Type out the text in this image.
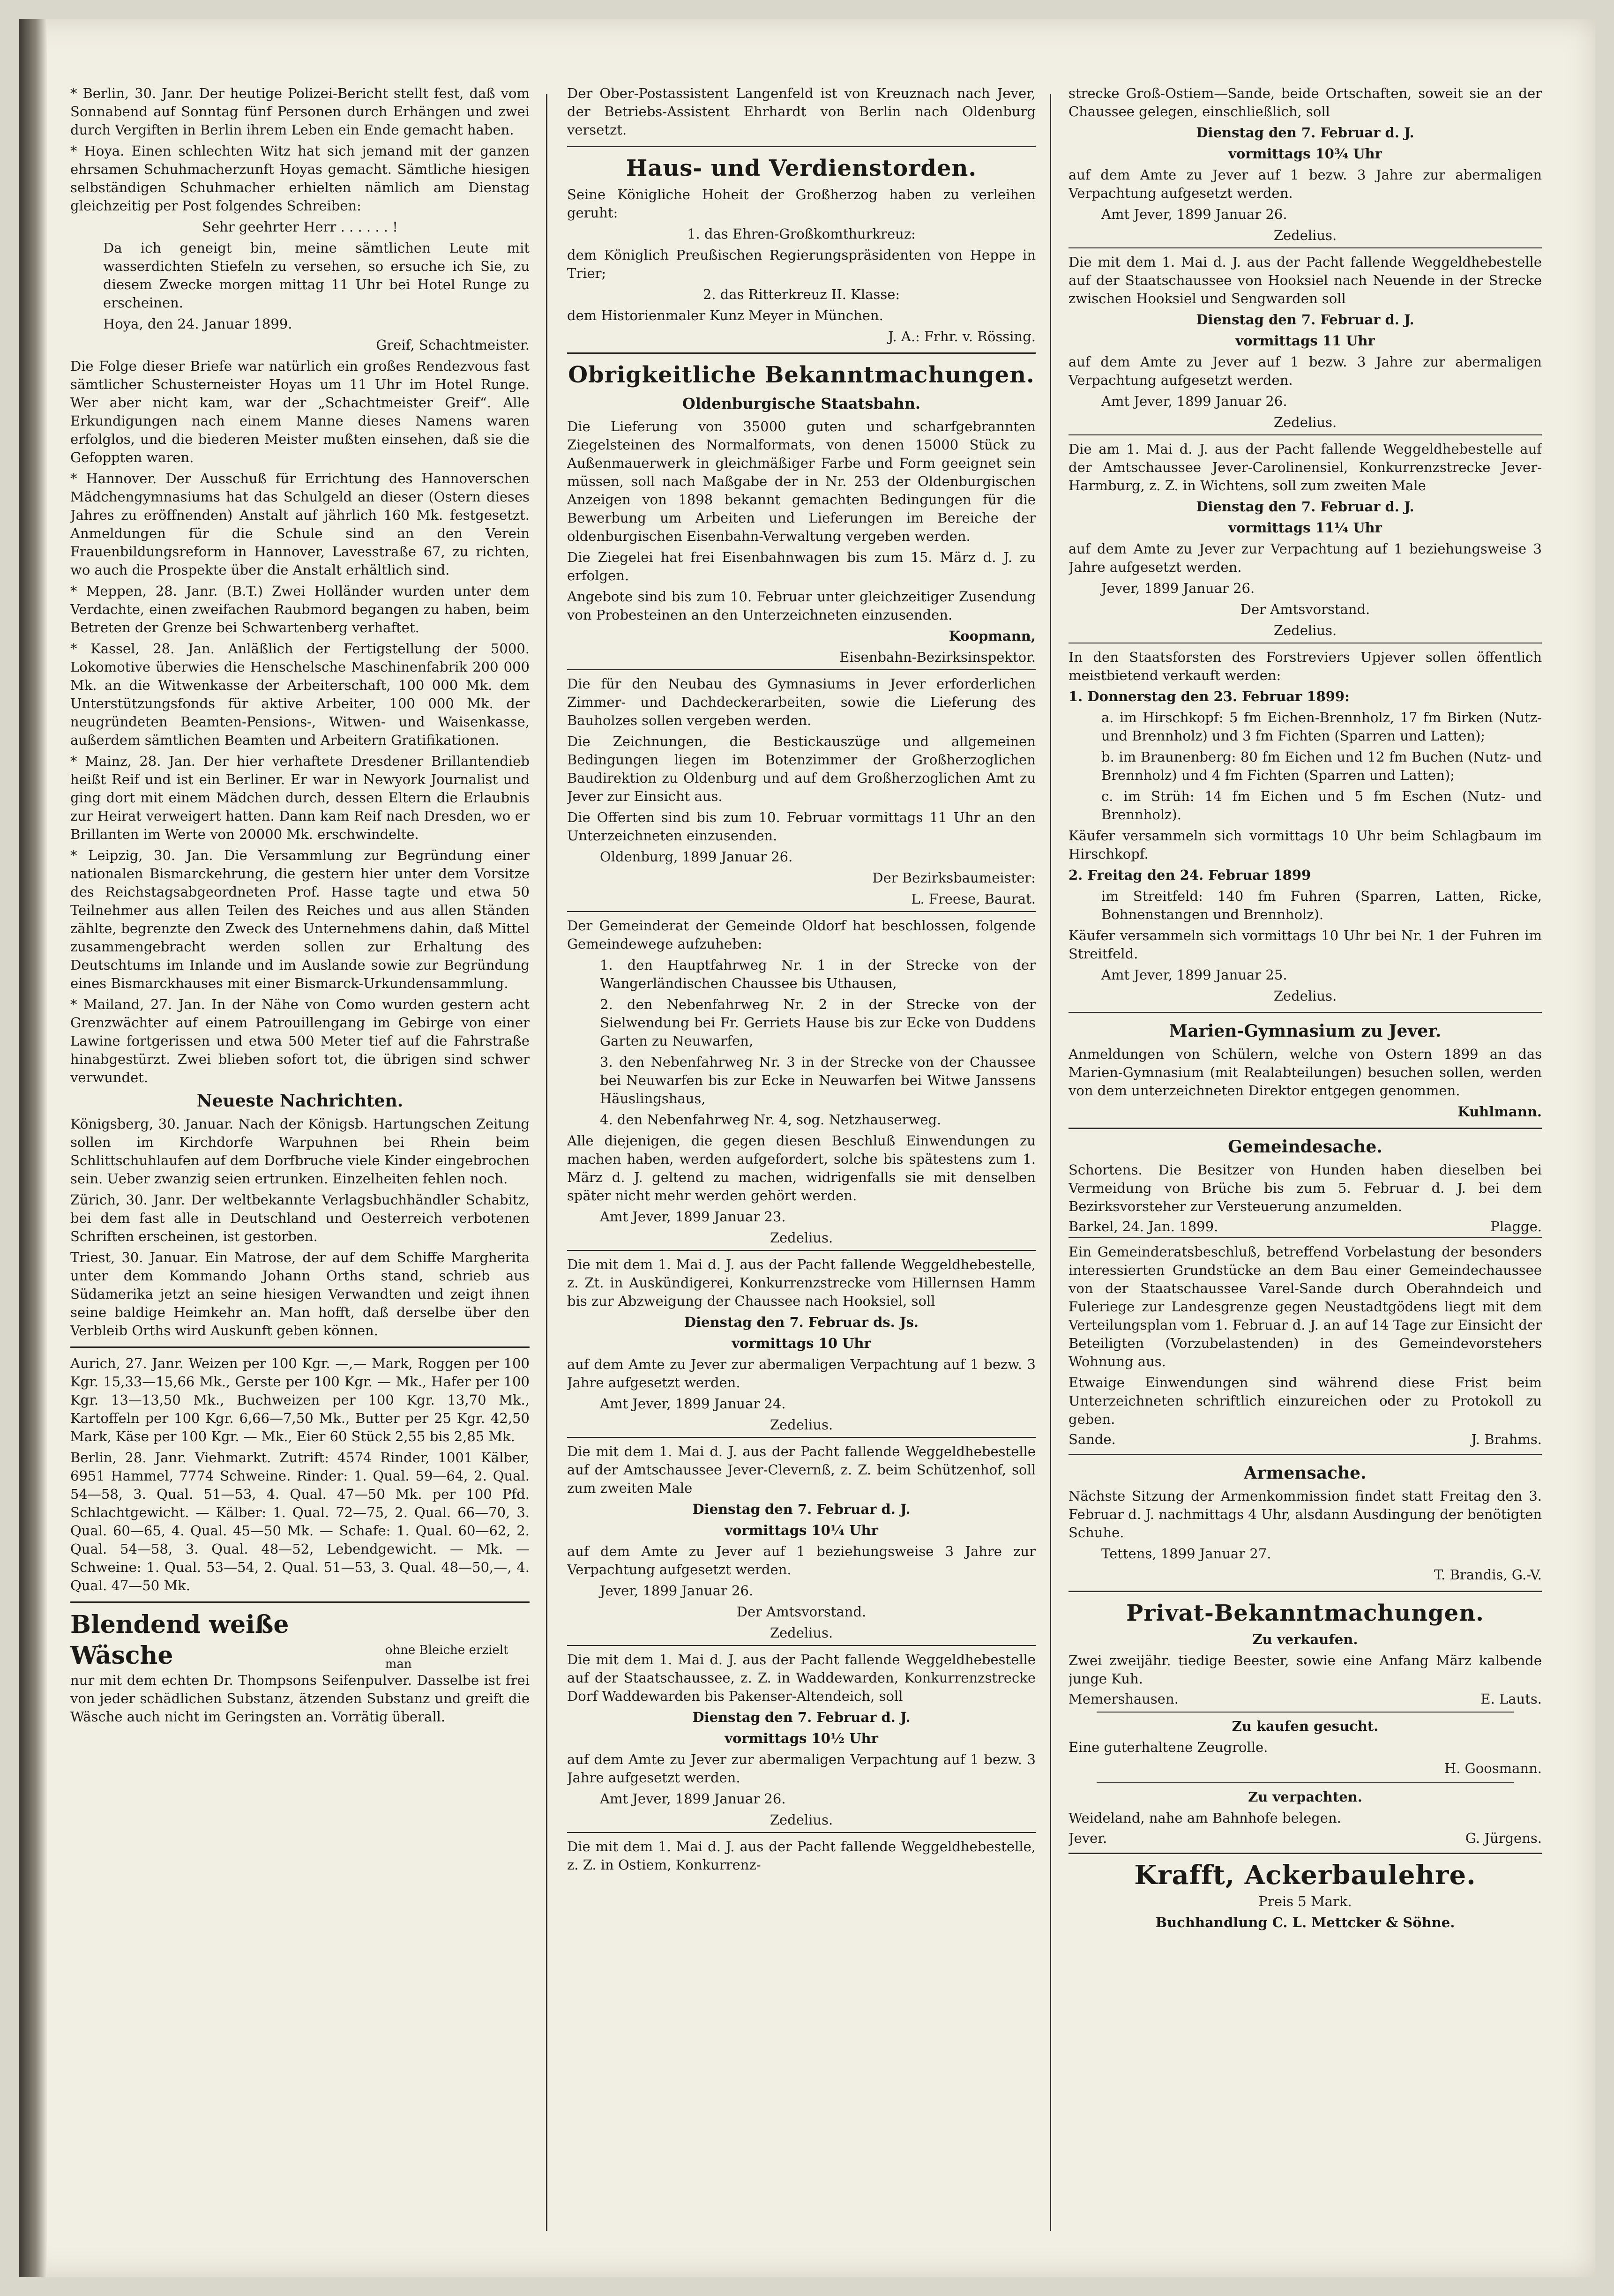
* Berlin, 30. Janr. Der heutige Polizei-Bericht stellt fest, daß vom Sonnabend auf Sonntag fünf Personen durch Erhängen und zwei durch Vergiften in Berlin ihrem Leben ein Ende gemacht haben.

* Hoya. Einen schlechten Witz hat sich jemand mit der ganzen ehrsamen Schuhmacherzunft Hoyas gemacht. Sämtliche hiesigen selbständigen Schuhmacher erhielten nämlich am Dienstag gleichzeitig per Post folgendes Schreiben:

Sehr geehrter Herr . . . . . . !

Da ich geneigt bin, meine sämtlichen Leute mit wasserdichten Stiefeln zu versehen, so ersuche ich Sie, zu diesem Zwecke morgen mittag 11 Uhr bei Hotel Runge zu erscheinen.

Hoya, den 24. Januar 1899.

Greif, Schachtmeister.

Die Folge dieser Briefe war natürlich ein großes Rendezvous fast sämtlicher Schusterneister Hoyas um 11 Uhr im Hotel Runge. Wer aber nicht kam, war der „Schachtmeister Greif“. Alle Erkundigungen nach einem Manne dieses Namens waren erfolglos, und die biederen Meister mußten einsehen, daß sie die Gefoppten waren.

* Hannover. Der Ausschuß für Errichtung des Hannoverschen Mädchengymnasiums hat das Schulgeld an dieser (Ostern dieses Jahres zu eröffnenden) Anstalt auf jährlich 160 Mk. festgesetzt. Anmeldungen für die Schule sind an den Verein Frauenbildungsreform in Hannover, Lavesstraße 67, zu richten, wo auch die Prospekte über die Anstalt erhältlich sind.

* Meppen, 28. Janr. (B.T.) Zwei Holländer wurden unter dem Verdachte, einen zweifachen Raubmord begangen zu haben, beim Betreten der Grenze bei Schwartenberg verhaftet.

* Kassel, 28. Jan. Anläßlich der Fertigstellung der 5000. Lokomotive überwies die Henschelsche Maschinenfabrik 200 000 Mk. an die Witwenkasse der Arbeiterschaft, 100 000 Mk. dem Unterstützungsfonds für aktive Arbeiter, 100 000 Mk. der neugründeten Beamten-Pensions-, Witwen- und Waisenkasse, außerdem sämtlichen Beamten und Arbeitern Gratifikationen.

* Mainz, 28. Jan. Der hier verhaftete Dresdener Brillantendieb heißt Reif und ist ein Berliner. Er war in Newyork Journalist und ging dort mit einem Mädchen durch, dessen Eltern die Erlaubnis zur Heirat verweigert hatten. Dann kam Reif nach Dresden, wo er Brillanten im Werte von 20000 Mk. erschwindelte.

* Leipzig, 30. Jan. Die Versammlung zur Begründung einer nationalen Bismarckehrung, die gestern hier unter dem Vorsitze des Reichstagsabgeordneten Prof. Hasse tagte und etwa 50 Teilnehmer aus allen Teilen des Reiches und aus allen Ständen zählte, begrenzte den Zweck des Unternehmens dahin, daß Mittel zusammengebracht werden sollen zur Erhaltung des Deutschtums im Inlande und im Auslande sowie zur Begründung eines Bismarckhauses mit einer Bismarck-Urkundensammlung.

* Mailand, 27. Jan. In der Nähe von Como wurden gestern acht Grenzwächter auf einem Patrouillengang im Gebirge von einer Lawine fortgerissen und etwa 500 Meter tief auf die Fahrstraße hinabgestürzt. Zwei blieben sofort tot, die übrigen sind schwer verwundet.

Neueste Nachrichten.

Königsberg, 30. Januar. Nach der Königsb. Hartungschen Zeitung sollen im Kirchdorfe Warpuhnen bei Rhein beim Schlittschuhlaufen auf dem Dorfbruche viele Kinder eingebrochen sein. Ueber zwanzig seien ertrunken. Einzelheiten fehlen noch.

Zürich, 30. Janr. Der weltbekannte Verlagsbuchhändler Schabitz, bei dem fast alle in Deutschland und Oesterreich verbotenen Schriften erscheinen, ist gestorben.

Triest, 30. Januar. Ein Matrose, der auf dem Schiffe Margherita unter dem Kommando Johann Orths stand, schrieb aus Südamerika jetzt an seine hiesigen Verwandten und zeigt ihnen seine baldige Heimkehr an. Man hofft, daß derselbe über den Verbleib Orths wird Auskunft geben können.

Aurich, 27. Janr. Weizen per 100 Kgr. —,— Mark, Roggen per 100 Kgr. 15,33—15,66 Mk., Gerste per 100 Kgr. — Mk., Hafer per 100 Kgr. 13—13,50 Mk., Buchweizen per 100 Kgr. 13,70 Mk., Kartoffeln per 100 Kgr. 6,66—7,50 Mk., Butter per 25 Kgr. 42,50 Mark, Käse per 100 Kgr. — Mk., Eier 60 Stück 2,55 bis 2,85 Mk.

Berlin, 28. Janr. Viehmarkt. Zutrift: 4574 Rinder, 1001 Kälber, 6951 Hammel, 7774 Schweine. Rinder: 1. Qual. 59—64, 2. Qual. 54—58, 3. Qual. 51—53, 4. Qual. 47—50 Mk. per 100 Pfd. Schlachtgewicht. — Kälber: 1. Qual. 72—75, 2. Qual. 66—70, 3. Qual. 60—65, 4. Qual. 45—50 Mk. — Schafe: 1. Qual. 60—62, 2. Qual. 54—58, 3. Qual. 48—52, Lebendgewicht. — Mk. — Schweine: 1. Qual. 53—54, 2. Qual. 51—53, 3. Qual. 48—50,—, 4. Qual. 47—50 Mk.

Blendend weiße Wäsche	ohne Bleiche erzielt man

nur mit dem echten Dr. Thompsons Seifenpulver. Dasselbe ist frei von jeder schädlichen Substanz, ätzenden Substanz und greift die Wäsche auch nicht im Geringsten an. Vorrätig überall.

Der Ober-Postassistent Langenfeld ist von Kreuznach nach Jever, der Betriebs-Assistent Ehrhardt von Berlin nach Oldenburg versetzt.

Haus- und Verdienstorden.

Seine Königliche Hoheit der Großherzog haben zu verleihen geruht:

1. das Ehren-Großkomthurkreuz:

dem Königlich Preußischen Regierungspräsidenten von Heppe in Trier;

2. das Ritterkreuz II. Klasse:

dem Historienmaler Kunz Meyer in München.

J. A.: Frhr. v. Rössing.

Obrigkeitliche Bekanntmachungen.
Oldenburgische Staatsbahn.

Die Lieferung von 35000 guten und scharfgebrannten Ziegelsteinen des Normalformats, von denen 15000 Stück zu Außenmauerwerk in gleichmäßiger Farbe und Form geeignet sein müssen, soll nach Maßgabe der in Nr. 253 der Oldenburgischen Anzeigen von 1898 bekannt gemachten Bedingungen für die Bewerbung um Arbeiten und Lieferungen im Bereiche der oldenburgischen Eisenbahn-Verwaltung vergeben werden.

Die Ziegelei hat frei Eisenbahnwagen bis zum 15. März d. J. zu erfolgen.

Angebote sind bis zum 10. Februar unter gleichzeitiger Zusendung von Probesteinen an den Unterzeichneten einzusenden.

Koopmann,

Eisenbahn-Bezirksinspektor.

Die für den Neubau des Gymnasiums in Jever erforderlichen Zimmer- und Dachdeckerarbeiten, sowie die Lieferung des Bauholzes sollen vergeben werden.

Die Zeichnungen, die Bestickauszüge und allgemeinen Bedingungen liegen im Botenzimmer der Großherzoglichen Baudirektion zu Oldenburg und auf dem Großherzoglichen Amt zu Jever zur Einsicht aus.

Die Offerten sind bis zum 10. Februar vormittags 11 Uhr an den Unterzeichneten einzusenden.

Oldenburg, 1899 Januar 26.

Der Bezirksbaumeister:

L. Freese, Baurat.

Der Gemeinderat der Gemeinde Oldorf hat beschlossen, folgende Gemeindewege aufzuheben:

1. den Hauptfahrweg Nr. 1 in der Strecke von der Wangerländischen Chaussee bis Uthausen,

2. den Nebenfahrweg Nr. 2 in der Strecke von der Sielwendung bei Fr. Gerriets Hause bis zur Ecke von Duddens Garten zu Neuwarfen,

3. den Nebenfahrweg Nr. 3 in der Strecke von der Chaussee bei Neuwarfen bis zur Ecke in Neuwarfen bei Witwe Janssens Häuslingshaus,

4. den Nebenfahrweg Nr. 4, sog. Netzhauserweg.

Alle diejenigen, die gegen diesen Beschluß Einwendungen zu machen haben, werden aufgefordert, solche bis spätestens zum 1. März d. J. geltend zu machen, widrigenfalls sie mit denselben später nicht mehr werden gehört werden.

Amt Jever, 1899 Januar 23.

Zedelius.

Die mit dem 1. Mai d. J. aus der Pacht fallende Weggeldhebestelle, z. Zt. in Auskündigerei, Konkurrenzstrecke vom Hillernsen Hamm bis zur Abzweigung der Chaussee nach Hooksiel, soll

Dienstag den 7. Februar ds. Js.

vormittags 10 Uhr

auf dem Amte zu Jever zur abermaligen Verpachtung auf 1 bezw. 3 Jahre aufgesetzt werden.

Amt Jever, 1899 Januar 24.

Zedelius.

Die mit dem 1. Mai d. J. aus der Pacht fallende Weggeldhebestelle auf der Amtschaussee Jever-Clevernß, z. Z. beim Schützenhof, soll zum zweiten Male

Dienstag den 7. Februar d. J.

vormittags 10¼ Uhr

auf dem Amte zu Jever auf 1 beziehungsweise 3 Jahre zur Verpachtung aufgesetzt werden.

Jever, 1899 Januar 26.

Der Amtsvorstand.

Zedelius.

Die mit dem 1. Mai d. J. aus der Pacht fallende Weggeldhebestelle auf der Staatschaussee, z. Z. in Waddewarden, Konkurrenzstrecke Dorf Waddewarden bis Pakenser-Altendeich, soll

Dienstag den 7. Februar d. J.

vormittags 10½ Uhr

auf dem Amte zu Jever zur abermaligen Verpachtung auf 1 bezw. 3 Jahre aufgesetzt werden.

Amt Jever, 1899 Januar 26.

Zedelius.

Die mit dem 1. Mai d. J. aus der Pacht fallende Weggeldhebestelle, z. Z. in Ostiem, Konkurrenz-

strecke Groß-Ostiem—Sande, beide Ortschaften, soweit sie an der Chaussee gelegen, einschließlich, soll

Dienstag den 7. Februar d. J.

vormittags 10¾ Uhr

auf dem Amte zu Jever auf 1 bezw. 3 Jahre zur abermaligen Verpachtung aufgesetzt werden.

Amt Jever, 1899 Januar 26.

Zedelius.

Die mit dem 1. Mai d. J. aus der Pacht fallende Weggeldhebestelle auf der Staatschaussee von Hooksiel nach Neuende in der Strecke zwischen Hooksiel und Sengwarden soll

Dienstag den 7. Februar d. J.

vormittags 11 Uhr

auf dem Amte zu Jever auf 1 bezw. 3 Jahre zur abermaligen Verpachtung aufgesetzt werden.

Amt Jever, 1899 Januar 26.

Zedelius.

Die am 1. Mai d. J. aus der Pacht fallende Weggeldhebestelle auf der Amtschaussee Jever-Carolinensiel, Konkurrenzstrecke Jever-Harmburg, z. Z. in Wichtens, soll zum zweiten Male

Dienstag den 7. Februar d. J.

vormittags 11¼ Uhr

auf dem Amte zu Jever zur Verpachtung auf 1 beziehungsweise 3 Jahre aufgesetzt werden.

Jever, 1899 Januar 26.

Der Amtsvorstand.

Zedelius.

In den Staatsforsten des Forstreviers Upjever sollen öffentlich meistbietend verkauft werden:

1. Donnerstag den 23. Februar 1899:

a. im Hirschkopf: 5 fm Eichen-Brennholz, 17 fm Birken (Nutz- und Brennholz) und 3 fm Fichten (Sparren und Latten);

b. im Braunenberg: 80 fm Eichen und 12 fm Buchen (Nutz- und Brennholz) und 4 fm Fichten (Sparren und Latten);

c. im Strüh: 14 fm Eichen und 5 fm Eschen (Nutz- und Brennholz).

Käufer versammeln sich vormittags 10 Uhr beim Schlagbaum im Hirschkopf.

2. Freitag den 24. Februar 1899

im Streitfeld: 140 fm Fuhren (Sparren, Latten, Ricke, Bohnenstangen und Brennholz).

Käufer versammeln sich vormittags 10 Uhr bei Nr. 1 der Fuhren im Streitfeld.

Amt Jever, 1899 Januar 25.

Zedelius.

Marien-Gymnasium zu Jever.

Anmeldungen von Schülern, welche von Ostern 1899 an das Marien-Gymnasium (mit Realabteilungen) besuchen sollen, werden von dem unterzeichneten Direktor entgegen genommen.

Kuhlmann.

Gemeindesache.

Schortens. Die Besitzer von Hunden haben dieselben bei Vermeidung von Brüche bis zum 5. Februar d. J. bei dem Bezirksvorsteher zur Versteuerung anzumelden.

Barkel, 24. Jan. 1899.	Plagge.

Ein Gemeinderatsbeschluß, betreffend Vorbelastung der besonders interessierten Grundstücke an dem Bau einer Gemeindechaussee von der Staatschaussee Varel-Sande durch Oberahndeich und Fuleriege zur Landesgrenze gegen Neustadtgödens liegt mit dem Verteilungsplan vom 1. Februar d. J. an auf 14 Tage zur Einsicht der Beteiligten (Vorzubelastenden) in des Gemeindevorstehers Wohnung aus.

Etwaige Einwendungen sind während diese Frist beim Unterzeichneten schriftlich einzureichen oder zu Protokoll zu geben.

Sande.	J. Brahms.
Armensache.

Nächste Sitzung der Armenkommission findet statt Freitag den 3. Februar d. J. nachmittags 4 Uhr, alsdann Ausdingung der benötigten Schuhe.

Tettens, 1899 Januar 27.

T. Brandis, G.-V.

Privat-Bekanntmachungen.

Zu verkaufen.

Zwei zweijähr. tiedige Beester, sowie eine Anfang März kalbende junge Kuh.

Memershausen.	E. Lauts.

Zu kaufen gesucht.

Eine guterhaltene Zeugrolle.

H. Goosmann.

Zu verpachten.

Weideland, nahe am Bahnhofe belegen.

Jever.	G. Jürgens.
Krafft, Ackerbaulehre.

Preis 5 Mark.

Buchhandlung C. L. Mettcker & Söhne.
